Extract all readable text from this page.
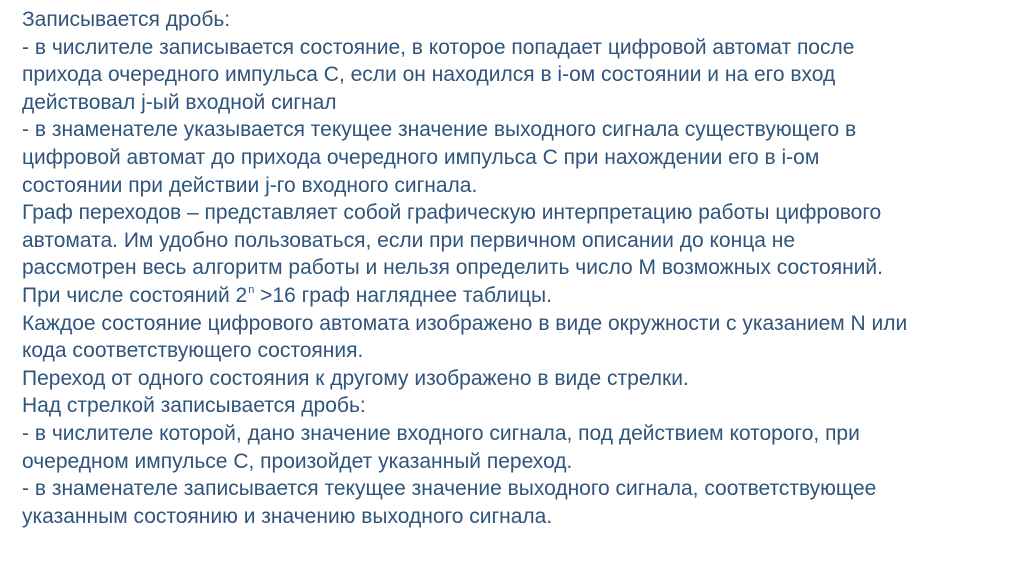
Записывается дробь:
- в числителе записывается состояние, в которое попадает цифровой автомат после
прихода очередного импульса С, если он находился в i-ом состоянии и на его вход
действовал j-ый входной сигнал
- в знаменателе указывается текущее значение выходного сигнала существующего в
цифровой автомат до прихода очередного импульса С при нахождении его в i-ом
состоянии при действии j-го входного сигнала.
Граф переходов – представляет собой графическую интерпретацию работы цифрового
автомата. Им удобно пользоваться, если при первичном описании до конца не
рассмотрен весь алгоритм работы и нельзя определить число М возможных состояний.
При числе состояний $2^n >16$ граф нагляднее таблицы.
Каждое состояние цифрового автомата изображено в виде окружности с указанием N или
кода соответствующего состояния.
Переход от одного состояния к другому изображено в виде стрелки.
Над стрелкой записывается дробь:
- в числителе которой, дано значение входного сигнала, под действием которого, при
очередном импульсе С, произойдет указанный переход.
- в знаменателе записывается текущее значение выходного сигнала, соответствующее
указанным состоянию и значению выходного сигнала.
